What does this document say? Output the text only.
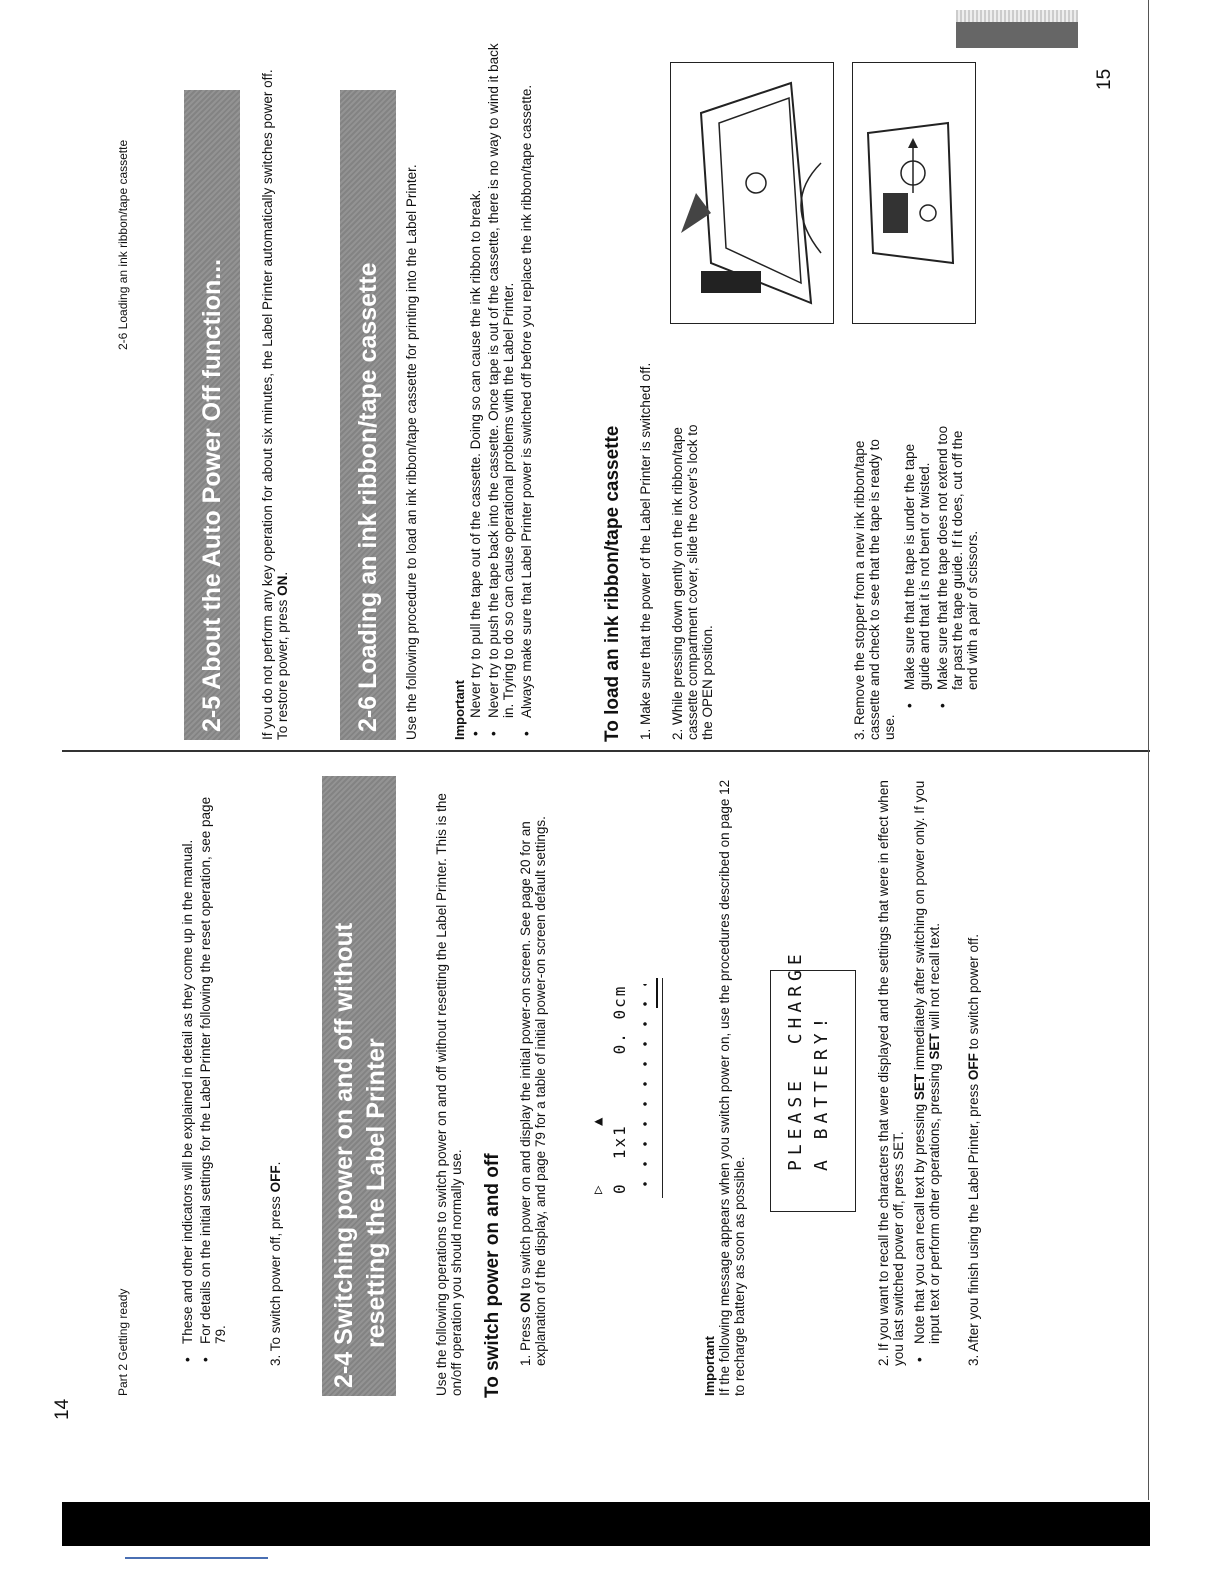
Part 2 Getting ready
14
• These and other indicators will be explained in detail as they come up in the manual. • For details on the initial settings for the Label Printer following the reset operation, see page 79.	3. To switch power off, press OFF. 2-4 Switching power on and off without resetting the Label Printer	Use the following operations to switch power on and off without resetting the Label Printer. This is the on/off operation you should normally use. To switch power on and off 1. Press ON to switch power on and display the initial power-on screen. See page 20 for an explanation of the display, and page 79 for a table of initial power-on screen default settings.	▷
▲ 0  1x1      0. 0cm
Important If the following message appears when you switch power on, use the procedures described on page 12 to recharge battery as soon as possible.
PLEASE  CHARGE A BATTERY!	2. If you want to recall the characters that were displayed and the settings that were in effect when you last switched power off, press SET. • Note that you can recall text by pressing SET immediately after switching on power only. If you input text or perform other operations, pressing SET will not recall text.
3. After you finish using the Label Printer, press OFF to switch power off.
2-6 Loading an ink ribbon/tape cassette
15
2-5 About the Auto Power Off function...	If you do not perform any key operation for about six minutes, the Label Printer automatically switches power off. To restore power, press ON.	2-6 Loading an ink ribbon/tape cassette	Use the following procedure to load an ink ribbon/tape cassette for printing into the Label Printer.	Important • Never try to pull the tape out of the cassette. Doing so can cause the ink ribbon to break. • Never try to push the tape back into the cassette. Once tape is out of the cassette, there is no way to wind it back in. Trying to do so can cause operational problems with the Label Printer. • Always make sure that Label Printer power is switched off before you replace the ink ribbon/tape cassette.	To load an ink ribbon/tape cassette 1. Make sure that the power of the Label Printer is switched off. 2. While pressing down gently on the ink ribbon/tape cassette compartment cover, slide the cover's lock to the OPEN position.	3. Remove the stopper from a new ink ribbon/tape cassette and check to see that the tape is ready to use.
• Make sure that the tape is under the tape guide and that it is not bent or twisted. • Make sure that the tape does not extend too far past the tape guide. If it does, cut off the end with a pair of scissors.
